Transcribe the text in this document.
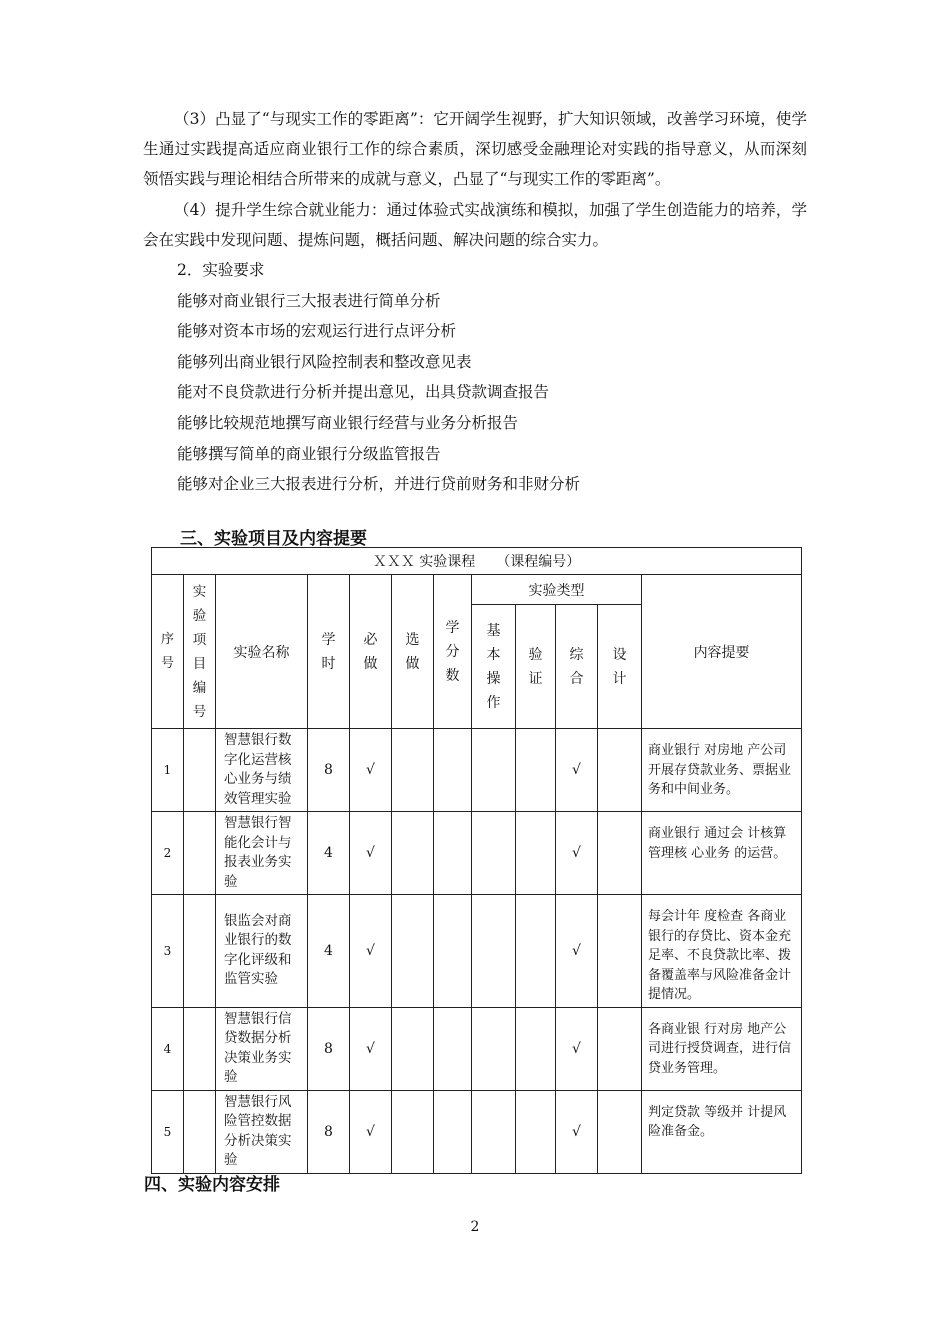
（3）凸显了“与现实工作的零距离”：它开阔学生视野，扩大知识领域，改善学习环境，使学生通过实践提高适应商业银行工作的综合素质，深切感受金融理论对实践的指导意义，从而深刻领悟实践与理论相结合所带来的成就与意义，凸显了“与现实工作的零距离”。

（4）提升学生综合就业能力：通过体验式实战演练和模拟，加强了学生创造能力的培养，学会在实践中发现问题、提炼问题，概括问题、解决问题的综合实力。

2．实验要求
能够对商业银行三大报表进行简单分析
能够对资本市场的宏观运行进行点评分析
能够列出商业银行风险控制表和整改意见表
能对不良贷款进行分析并提出意见，出具贷款调查报告
能够比较规范地撰写商业银行经营与业务分析报告
能够撰写简单的商业银行分级监管报告
能够对企业三大报表进行分析，并进行贷前财务和非财分析
三、实验项目及内容提要
ＸＸＸ 实验课程　　（课程编号）											

序号	实验项目编号	实验名称	学时	必做	选做	学分数	实验类型				内容提要

							基本操作	验证	综合	设计	

1		智慧银行数字化运营核心业务与绩效管理实验	8	√					√		商业银行 对房地 产公司开展存贷款业务、票据业务和中间业务。
2		智慧银行智能化会计与报表业务实验	4	√					√		商业银行 通过会 计核算管理核 心业务 的运营。
3		银监会对商业银行的数字化评级和监管实验	4	√					√		每会计年 度检查 各商业银行的存贷比、资本金充足率、不良贷款比率、拨备覆盖率与风险准备金计提情况。
4		智慧银行信贷数据分析决策业务实验	8	√					√		各商业银 行对房 地产公司进行授贷调查，进行信贷业务管理。
5		智慧银行风险管控数据分析决策实验	8	√					√		判定贷款 等级并 计提风险准备金。
四、实验内容安排
2
